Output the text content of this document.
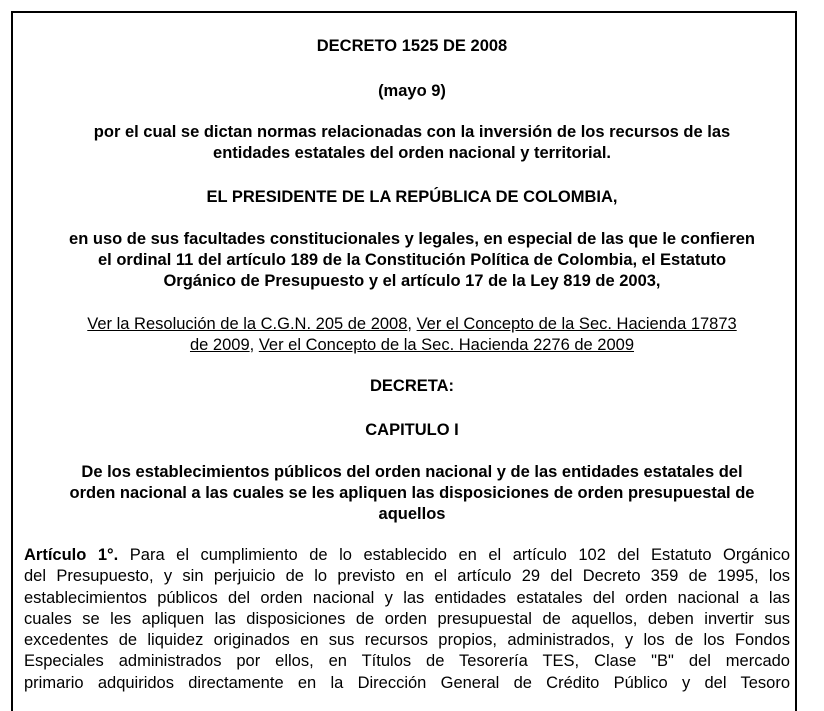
DECRETO 1525 DE 2008
(mayo 9)
por el cual se dictan normas relacionadas con la inversión de los recursos de las
entidades estatales del orden nacional y territorial.
EL PRESIDENTE DE LA REPÚBLICA DE COLOMBIA,
en uso de sus facultades constitucionales y legales, en especial de las que le confieren
el ordinal 11 del artículo 189 de la Constitución Política de Colombia, el Estatuto
Orgánico de Presupuesto y el artículo 17 de la Ley 819 de 2003,
Ver la Resolución de la C.G.N. 205 de 2008, Ver el Concepto de la Sec. Hacienda 17873
de 2009, Ver el Concepto de la Sec. Hacienda 2276 de 2009
DECRETA:
CAPITULO I
De los establecimientos públicos del orden nacional y de las entidades estatales del
orden nacional a las cuales se les apliquen las disposiciones de orden presupuestal de
aquellos
Artículo 1°. Para el cumplimiento de lo establecido en el artículo 102 del Estatuto Orgánico
del Presupuesto, y sin perjuicio de lo previsto en el artículo 29 del Decreto 359 de 1995, los
establecimientos públicos del orden nacional y las entidades estatales del orden nacional a las
cuales se les apliquen las disposiciones de orden presupuestal de aquellos, deben invertir sus
excedentes de liquidez originados en sus recursos propios, administrados, y los de los Fondos
Especiales administrados por ellos, en Títulos de Tesorería TES, Clase "B" del mercado
primario adquiridos directamente en la Dirección General de Crédito Público y del Tesoro
